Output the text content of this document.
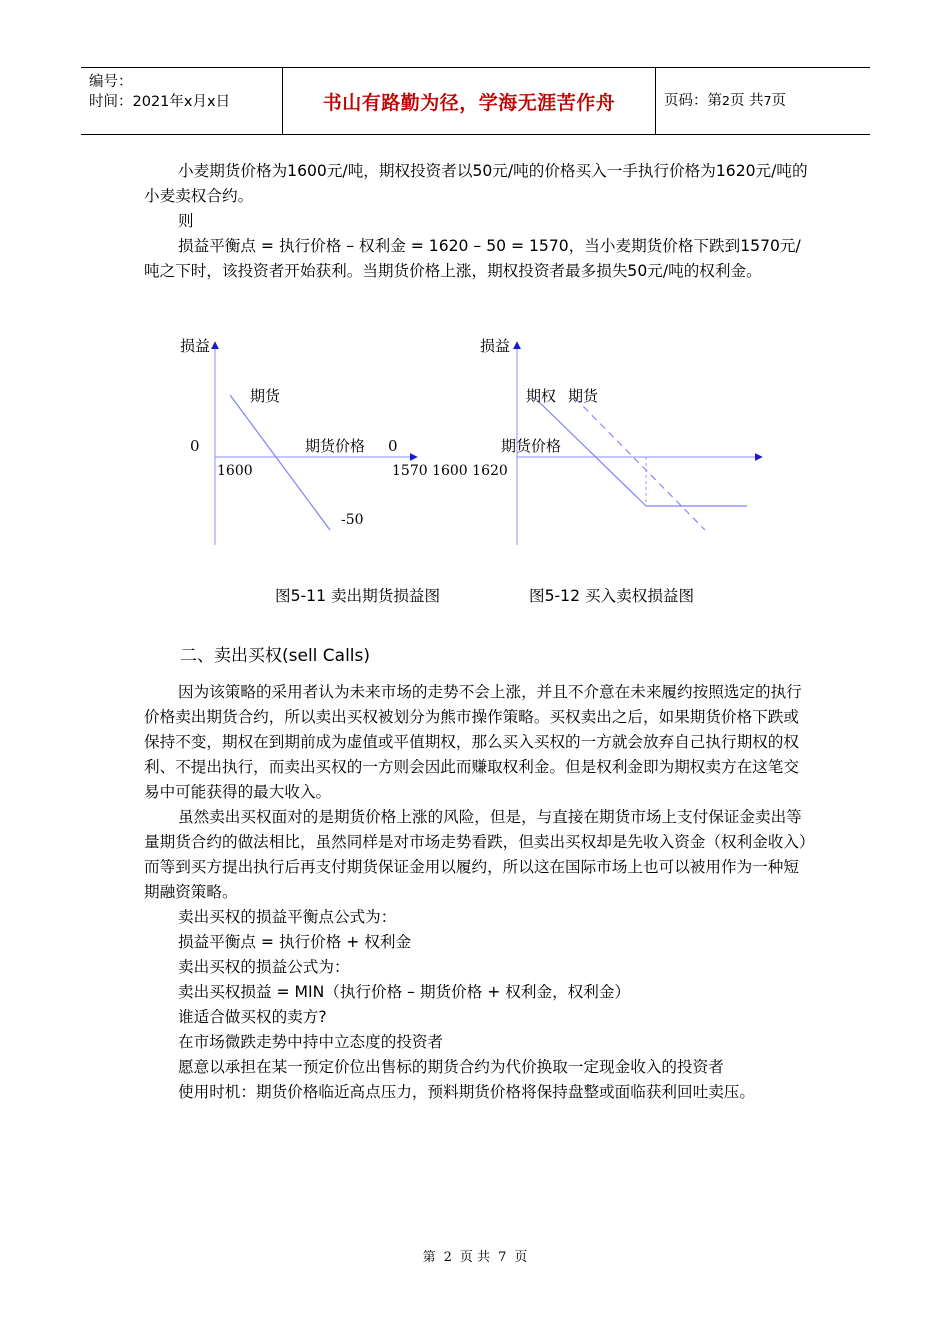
编号：
时间：2021年x月x日	书山有路勤为径，学海无涯苦作舟	页码：第2页 共7页

小麦期货价格为1600元/吨，期权投资者以50元/吨的价格买入一手执行价格为1620元/吨的小麦卖权合约。

则

损益平衡点 = 执行价格 – 权利金 = 1620 – 50 = 1570，当小麦期货价格下跌到1570元/吨之下时，该投资者开始获利。当期货价格上涨，期权投资者最多损失50元/吨的权利金。

损益
期货
0	期货价格
1600
-50
损益
期权 期货
0	期货价格
1570 1600 1620
图5-11 卖出期货损益图	图5-12 买入卖权损益图
二、卖出买权(sell Calls)

因为该策略的采用者认为未来市场的走势不会上涨，并且不介意在未来履约按照选定的执行价格卖出期货合约，所以卖出买权被划分为熊市操作策略。买权卖出之后，如果期货价格下跌或保持不变，期权在到期前成为虚值或平值期权，那么买入买权的一方就会放弃自己执行期权的权利、不提出执行，而卖出买权的一方则会因此而赚取权利金。但是权利金即为期权卖方在这笔交易中可能获得的最大收入。

虽然卖出买权面对的是期货价格上涨的风险，但是，与直接在期货市场上支付保证金卖出等量期货合约的做法相比，虽然同样是对市场走势看跌，但卖出买权却是先收入资金（权利金收入）而等到买方提出执行后再支付期货保证金用以履约，所以这在国际市场上也可以被用作为一种短期融资策略。

卖出买权的损益平衡点公式为：

损益平衡点 = 执行价格 + 权利金

卖出买权的损益公式为：

卖出买权损益 = MIN（执行价格 – 期货价格 + 权利金，权利金）

谁适合做买权的卖方?

在市场微跌走势中持中立态度的投资者

愿意以承担在某一预定价位出售标的期货合约为代价换取一定现金收入的投资者

使用时机：期货价格临近高点压力，预料期货价格将保持盘整或面临获利回吐卖压。

第 2 页 共 7 页
